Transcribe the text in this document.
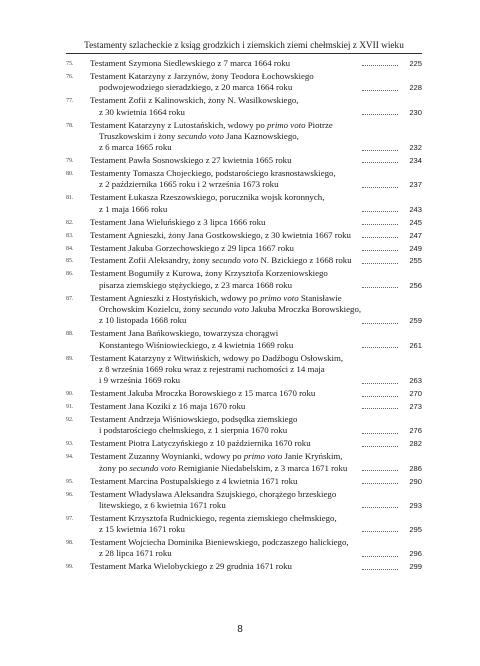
Testamenty szlacheckie z ksiąg grodzkich i ziemskich ziemi chełmskiej z XVII wieku
75.	Testament Szymona Siedlewskiego z 7 marca 1664 roku	225
76.	Testament Katarzyny z Jarzynów, żony Teodora Łochowskiego
podwojewodziego sieradzkiego, z 20 marca 1664 roku	228
77.	Testament Zofii z Kalinowskich, żony N. Wasilkowskiego,
z 30 kwietnia 1664 roku	230
78.	Testament Katarzyny z Lutostańskich, wdowy po primo voto Piotrze
Truszkowskim i żony secundo voto Jana Kaznowskiego,
z 6 marca 1665 roku	232
79.	Testament Pawła Sosnowskiego z 27 kwietnia 1665 roku	234
80.	Testamenty Tomasza Chojeckiego, podstarościego krasnostawskiego,
z 2 października 1665 roku i 2 września 1673 roku	237
81.	Testament Łukasza Rzeszowskiego, porucznika wojsk koronnych,
z 1 maja 1666 roku	243
82.	Testament Jana Wieluńskiego z 3 lipca 1666 roku	245
83.	Testament Agnieszki, żony Jana Gostkowskiego, z 30 kwietnia 1667 roku	247
84.	Testament Jakuba Gorzechowskiego z 29 lipca 1667 roku	249
85.	Testament Zofii Aleksandry, żony secundo voto N. Bzickiego z 1668 roku	255
86.	Testament Bogumiły z Kurowa, żony Krzysztofa Korzeniowskiego
pisarza ziemskiego stężyckiego, z 23 marca 1668 roku	256
87.	Testament Agnieszki z Hostyńskich, wdowy po primo voto Stanisławie
Orchowskim Kozielcu, żony secundo voto Jakuba Mroczka Borowskiego,
z 10 listopada 1668 roku	259
88.	Testament Jana Bańkowskiego, towarzysza chorągwi
Konstantego Wiśniowieckiego, z 4 kwietnia 1669 roku	261
89.	Testament Katarzyny z Witwińskich, wdowy po Dadźbogu Osłowskim,
z 8 września 1669 roku wraz z rejestrami ruchomości z 14 maja
i 9 września 1669 roku	263
90.	Testament Jakuba Mroczka Borowskiego z 15 marca 1670 roku	270
91.	Testament Jana Koziki z 16 maja 1670 roku	273
92.	Testament Andrzeja Wiśniowskiego, podsędka ziemskiego
i podstarościego chełmskiego, z 1 sierpnia 1670 roku	276
93.	Testament Piotra Latyczyńskiego z 10 października 1670 roku	282
94.	Testament Zuzanny Woynianki, wdowy po primo voto Janie Kryńskim,
żony po secundo voto Remigianie Niedabelskim, z 3 marca 1671 roku	286
95.	Testament Marcina Postupalskiego z 4 kwietnia 1671 roku	290
96.	Testament Władysława Aleksandra Szujskiego, chorążego brzeskiego
litewskiego, z 6 kwietnia 1671 roku	293
97.	Testament Krzysztofa Rudnickiego, regenta ziemskiego chełmskiego,
z 15 kwietnia 1671 roku	295
98.	Testament Wojciecha Dominika Bieniewskiego, podczaszego halickiego,
z 28 lipca 1671 roku	296
99.	Testament Marka Wielobyckiego z 29 grudnia 1671 roku	299
8
